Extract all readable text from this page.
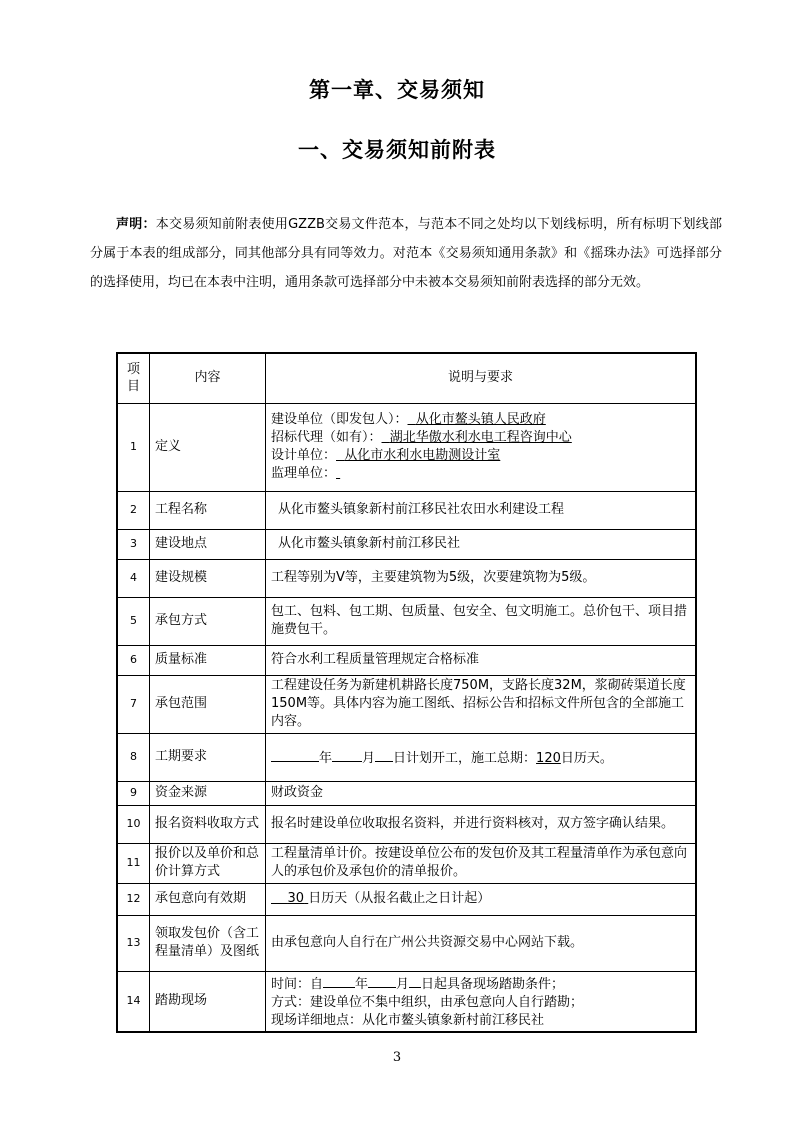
第一章、交易须知
一、交易须知前附表

声明：本交易须知前附表使用GZZB交易文件范本，与范本不同之处均以下划线标明，所有标明下划线部分属于本表的组成部分，同其他部分具有同等效力。对范本《交易须知通用条款》和《摇珠办法》可选择部分的选择使用，均已在本表中注明，通用条款可选择部分中未被本交易须知前附表选择的部分无效。

项目	内容	说明与要求
1	定义	建设单位（即发包人）： 从化市鳌头镇人民政府
招标代理（如有）： 湖北华傲水利水电工程咨询中心
设计单位： 从化市水利水电勘测设计室
监理单位：

2	工程名称	从化市鳌头镇象新村前江移民社农田水利建设工程
3	建设地点	从化市鳌头镇象新村前江移民社
4	建设规模	工程等别为Ⅴ等，主要建筑物为5级，次要建筑物为5级。
5	承包方式	包工、包料、包工期、包质量、包安全、包文明施工。总价包干、项目措施费包干。
6	质量标准	符合水利工程质量管理规定合格标准
7	承包范围	工程建设任务为新建机耕路长度750M，支路长度32M，浆砌砖渠道长度150M等。具体内容为施工图纸、招标公告和招标文件所包含的全部施工内容。
8	工期要求	年 月 日计划开工，施工总期：120日历天。
9	资金来源	财政资金
10	报名资料收取方式	报名时建设单位收取报名资料，并进行资料核对，双方签字确认结果。
11	报价以及单价和总价计算方式	工程量清单计价。按建设单位公布的发包价及其工程量清单作为承包意向人的承包价及承包价的清单报价。
12	承包意向有效期	30 日历天（从报名截止之日计起）
13	领取发包价（含工程量清单）及图纸	由承包意向人自行在广州公共资源交易中心网站下载。
14	踏勘现场	时间：自 年 月 日起具备现场踏勘条件；
方式：建设单位不集中组织，由承包意向人自行踏勘；
现场详细地点：从化市鳌头镇象新村前江移民社
3
